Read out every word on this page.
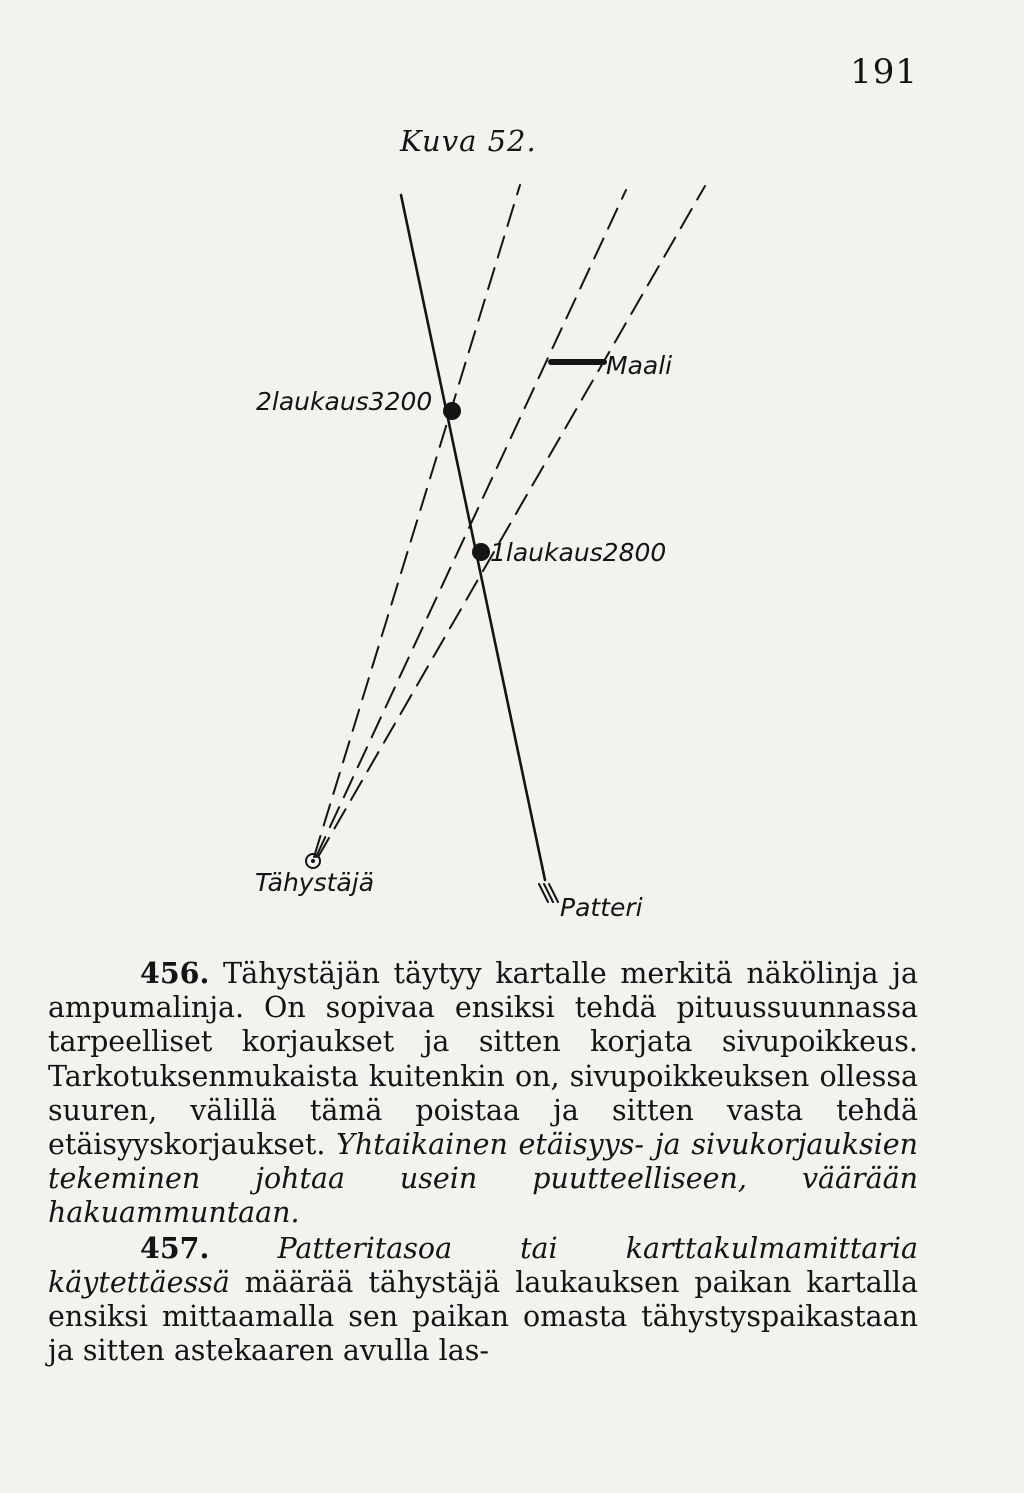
191
Kuva 52.
Maali
2laukaus3200
1laukaus2800
Tähystäjä
Patteri

456. Tähystäjän täytyy kartalle merkitä näkölinja ja ampumalinja. On sopivaa ensiksi tehdä pituussuunnassa tarpeelliset korjaukset ja sitten korjata sivupoikkeus. Tarkotuksenmukaista kuitenkin on, sivupoikkeuksen ollessa suuren, välillä tämä poistaa ja sitten vasta tehdä etäisyyskorjaukset. Yhtaikainen etäisyys- ja sivukorjauksien tekeminen johtaa usein puutteelliseen, väärään hakuammuntaan.

457. Patteritasoa tai karttakulmamittaria käytettäessä määrää tähystäjä laukauksen paikan kartalla ensiksi mittaamalla sen paikan omasta tähystyspaikastaan ja sitten astekaaren avulla las-
